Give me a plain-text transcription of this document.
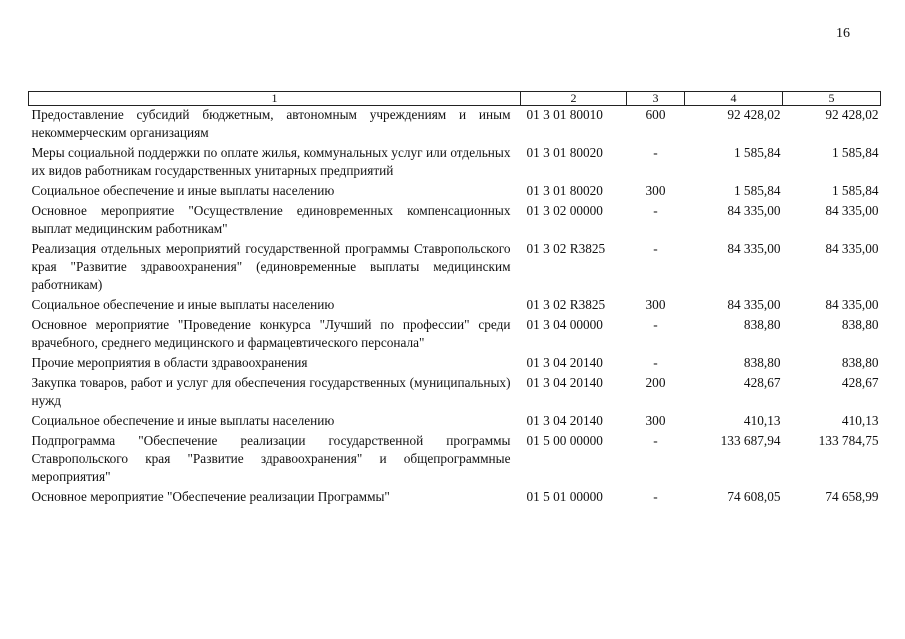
16
1	2	3	4	5
Предоставление субсидий бюджетным, автономным учреждениям и иным некоммерческим организациям	01 3 01 80010	600	92 428,02	92 428,02
Меры социальной поддержки по оплате жилья, коммунальных услуг или отдельных их видов работникам государственных унитарных предприятий	01 3 01 80020	-	1 585,84	1 585,84
Социальное обеспечение и иные выплаты населению	01 3 01 80020	300	1 585,84	1 585,84
Основное мероприятие "Осуществление единовременных компенсационных выплат медицинским работникам"	01 3 02 00000	-	84 335,00	84 335,00
Реализация отдельных мероприятий государственной программы Ставропольского края "Развитие здравоохранения" (единовременные выплаты медицинским работникам)	01 3 02 R3825	-	84 335,00	84 335,00
Социальное обеспечение и иные выплаты населению	01 3 02 R3825	300	84 335,00	84 335,00
Основное мероприятие "Проведение конкурса "Лучший по профессии" среди врачебного, среднего медицинского и фармацевтического персонала"	01 3 04 00000	-	838,80	838,80
Прочие мероприятия в области здравоохранения	01 3 04 20140	-	838,80	838,80
Закупка товаров, работ и услуг для обеспечения государственных (муниципальных) нужд	01 3 04 20140	200	428,67	428,67
Социальное обеспечение и иные выплаты населению	01 3 04 20140	300	410,13	410,13
Подпрограмма "Обеспечение реализации государственной программы Ставропольского края "Развитие здравоохранения" и общепрограммные мероприятия"	01 5 00 00000	-	133 687,94	133 784,75
Основное мероприятие "Обеспечение реализации Программы"	01 5 01 00000	-	74 608,05	74 658,99
